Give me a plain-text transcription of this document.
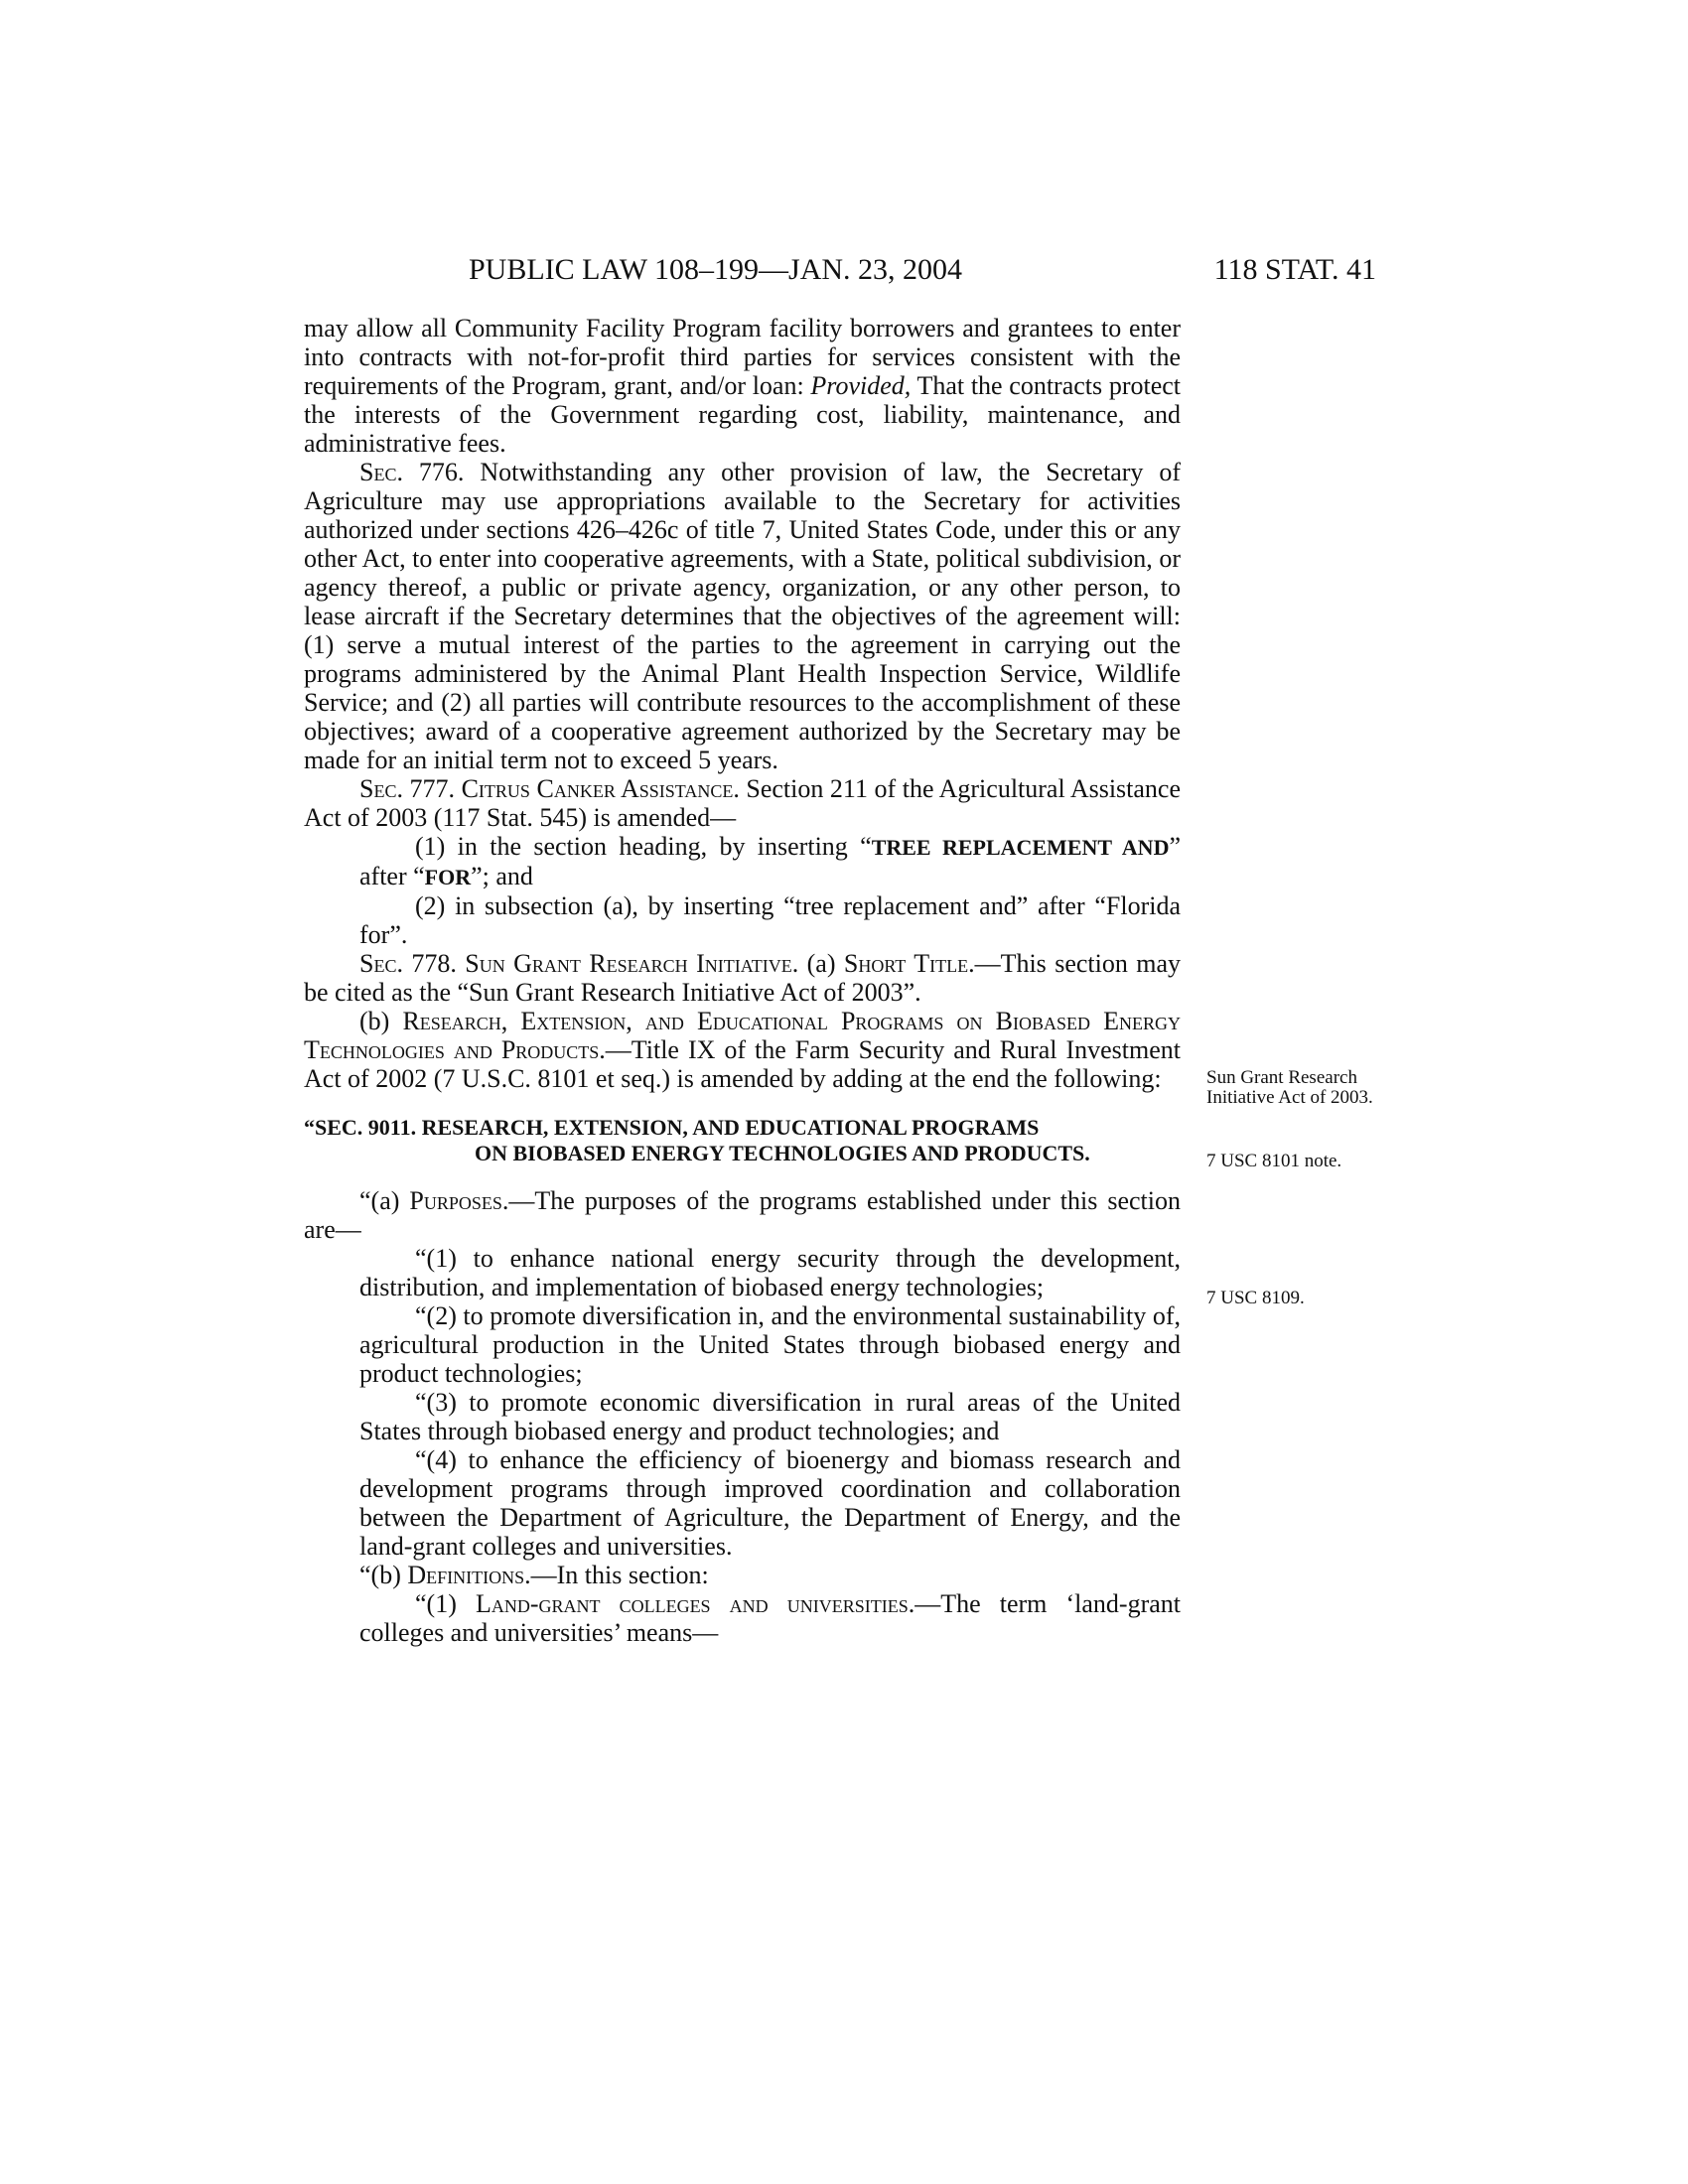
PUBLIC LAW 108–199—JAN. 23, 2004	118 STAT. 41

may allow all Community Facility Program facility borrowers and grantees to enter into contracts with not-for-profit third parties for services consistent with the requirements of the Program, grant, and/or loan: Provided, That the contracts protect the interests of the Government regarding cost, liability, maintenance, and administrative fees.

Sec. 776. Notwithstanding any other provision of law, the Secretary of Agriculture may use appropriations available to the Secretary for activities authorized under sections 426–426c of title 7, United States Code, under this or any other Act, to enter into cooperative agreements, with a State, political subdivision, or agency thereof, a public or private agency, organization, or any other person, to lease aircraft if the Secretary determines that the objectives of the agreement will: (1) serve a mutual interest of the parties to the agreement in carrying out the programs administered by the Animal Plant Health Inspection Service, Wildlife Service; and (2) all parties will contribute resources to the accomplishment of these objectives; award of a cooperative agreement authorized by the Secretary may be made for an initial term not to exceed 5 years.

Sec. 777. Citrus Canker Assistance. Section 211 of the Agricultural Assistance Act of 2003 (117 Stat. 545) is amended—

(1) in the section heading, by inserting “TREE REPLACEMENT AND” after “FOR”; and

(2) in subsection (a), by inserting “tree replacement and” after “Florida for”.

Sec. 778. Sun Grant Research Initiative. (a) Short Title.—This section may be cited as the “Sun Grant Research Initiative Act of 2003”.

(b) Research, Extension, and Educational Programs on Biobased Energy Technologies and Products.—Title IX of the Farm Security and Rural Investment Act of 2002 (7 U.S.C. 8101 et seq.) is amended by adding at the end the following:

“SEC. 9011. RESEARCH, EXTENSION, AND EDUCATIONAL PROGRAMS
ON BIOBASED ENERGY TECHNOLOGIES AND PRODUCTS.

“(a) Purposes.—The purposes of the programs established under this section are—

“(1) to enhance national energy security through the development, distribution, and implementation of biobased energy technologies;

“(2) to promote diversification in, and the environmental sustainability of, agricultural production in the United States through biobased energy and product technologies;

“(3) to promote economic diversification in rural areas of the United States through biobased energy and product technologies; and

“(4) to enhance the efficiency of bioenergy and biomass research and development programs through improved coordination and collaboration between the Department of Agriculture, the Department of Energy, and the land-grant colleges and universities.

“(b) Definitions.—In this section:

“(1) Land-grant colleges and universities.—The term ‘land-grant colleges and universities’ means—

Sun Grant Research Initiative Act of 2003.
7 USC 8101 note.
7 USC 8109.
